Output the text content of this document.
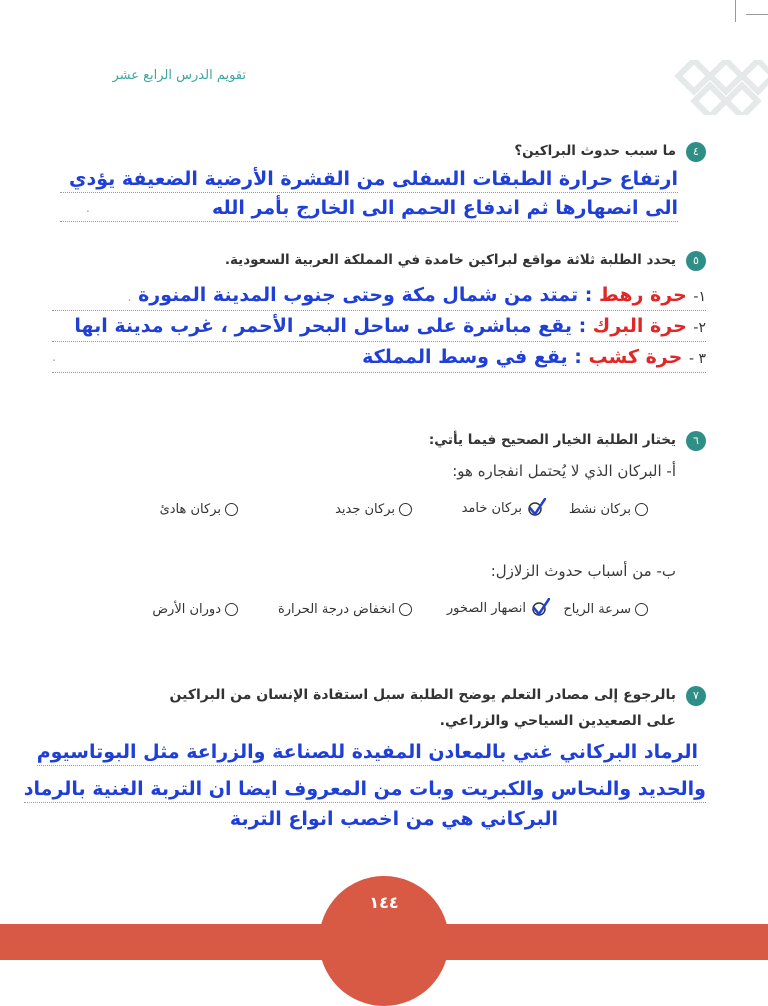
تقويم الدرس الرابع عشر
٤
ما سبب حدوث البراكين؟
ارتفاع حرارة الطبقات السفلى من القشرة الأرضية الضعيفة يؤدي
الى انصهارها ثم اندفاع الحمم الى الخارج بأمر الله
.
٥
يحدد الطلبة ثلاثة مواقع لبراكين خامدة في المملكة العربية السعودية.
١- حرة رهط : تمتد من شمال مكة وحتى جنوب المدينة المنورة .
٢- حرة البرك : يقع مباشرة على ساحل البحر الأحمر ، غرب مدينة ابها
٣ - حرة كشب : يقع في وسط المملكة
.
٦
يختار الطلبة الخيار الصحيح فيما يأتي:
أ- البركان الذي لا يُحتمل انفجاره هو:
بركان نشط
بركان خامد
بركان جديد
بركان هادئ
ب- من أسباب حدوث الزلازل:
سرعة الرياح
انصهار الصخور
انخفاض درجة الحرارة
دوران الأرض
٧
بالرجوع إلى مصادر التعلم يوضح الطلبة سبل استفادة الإنسان من البراكين
على الصعيدين السياحي والزراعي.
الرماد البركاني غني بالمعادن المفيدة للصناعة والزراعة مثل البوتاسيوم
والحديد والنحاس والكبريت وبات من المعروف ايضا ان التربة الغنية بالرماد
البركاني هي من اخصب انواع التربة
١٤٤
